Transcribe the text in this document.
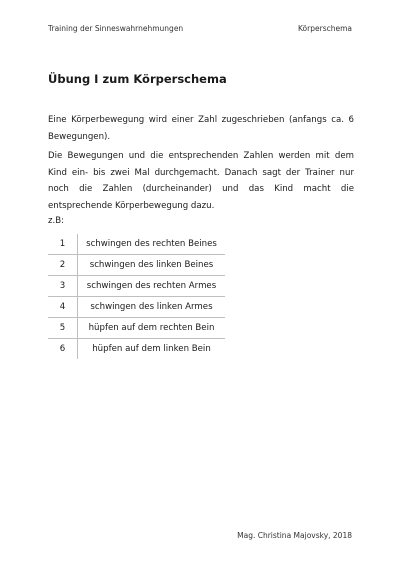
Training der Sinneswahrnehmungen	Körperschema
Übung I zum Körperschema
Eine Körperbewegung wird einer Zahl zugeschrieben (anfangs ca. 6 Bewegungen).
Die Bewegungen und die entsprechenden Zahlen werden mit dem Kind ein- bis zwei Mal durchgemacht. Danach sagt der Trainer nur noch die Zahlen (durcheinander) und das Kind macht die entsprechende Körperbewegung dazu.
z.B:
1	schwingen des rechten Beines
2	schwingen des linken Beines
3	schwingen des rechten Armes
4	schwingen des linken Armes
5	hüpfen auf dem rechten Bein
6	hüpfen auf dem linken Bein
Mag. Christina Majovsky, 2018
